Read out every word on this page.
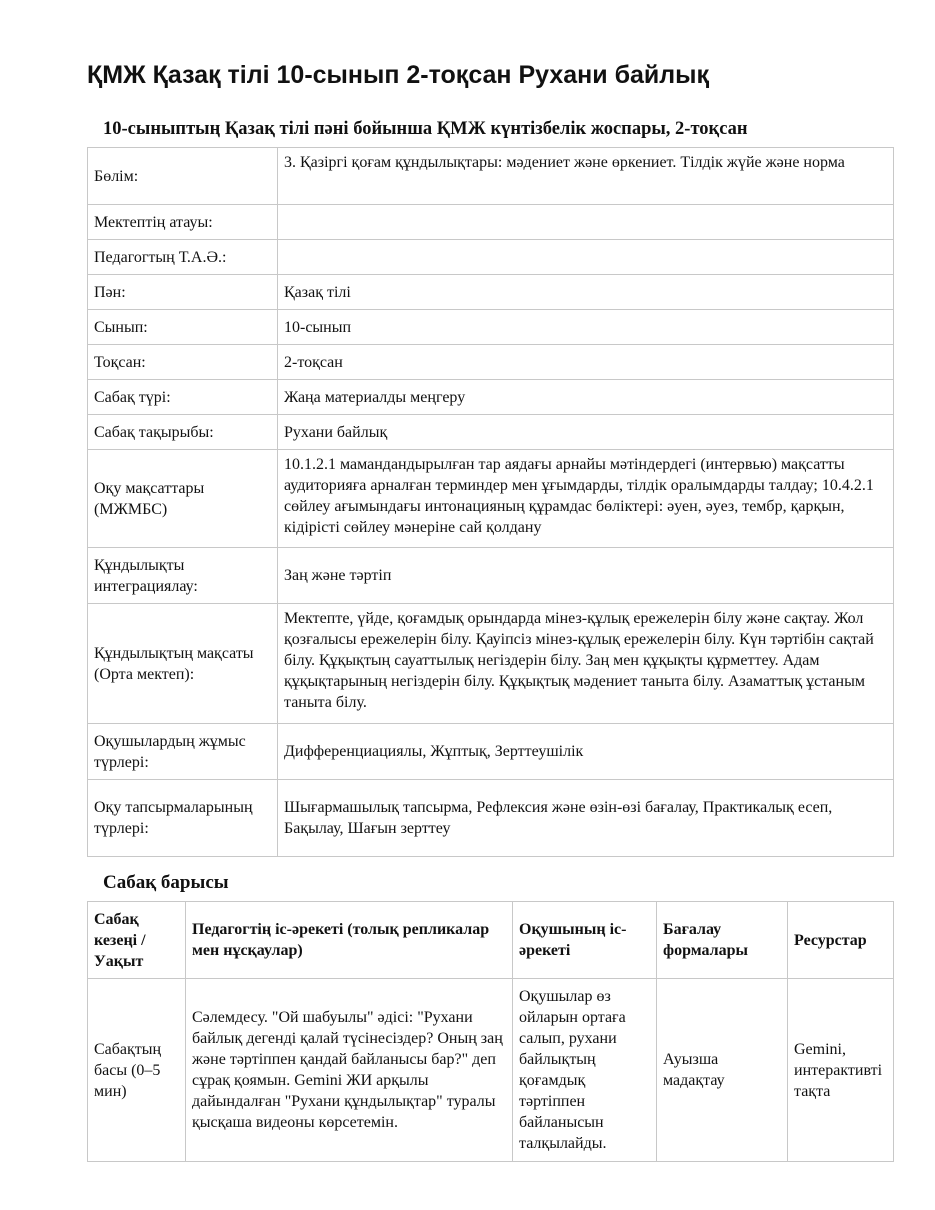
ҚМЖ Қазақ тілі 10-сынып 2-тоқсан Рухани байлық
10-сыныптың Қазақ тілі пәні бойынша ҚМЖ күнтізбелік жоспары, 2-тоқсан
Бөлім:	3. Қазіргі қоғам құндылықтары: мәдениет және өркениет. Тілдік жүйе және норма
Мектептің атауы:	
Педагогтың Т.А.Ә.:	
Пән:	Қазақ тілі
Сынып:	10-сынып
Тоқсан:	2-тоқсан
Сабақ түрі:	Жаңа материалды меңгеру
Сабақ тақырыбы:	Рухани байлық
Оқу мақсаттары (МЖМБС)	10.1.2.1 мамандандырылған тар аядағы арнайы мәтіндердегі (интервью) мақсатты аудиторияға арналған терминдер мен ұғымдарды, тілдік оралымдарды талдау; 10.4.2.1 сөйлеу ағымындағы интонацияның құрамдас бөліктері: әуен, әуез, тембр, қарқын, кідірісті сөйлеу мәнеріне сай қолдану
Құндылықты интеграциялау:	Заң және тәртіп
Құндылықтың мақсаты (Орта мектеп):	Мектепте, үйде, қоғамдық орындарда мінез-құлық ережелерін білу және сақтау. Жол қозғалысы ережелерін білу. Қауіпсіз мінез-құлық ережелерін білу. Күн тәртібін сақтай білу. Құқықтың сауаттылық негіздерін білу. Заң мен құқықты құрметтеу. Адам құқықтарының негіздерін білу. Құқықтық мәдениет таныта білу. Азаматтық ұстаным таныта білу.
Оқушылардың жұмыс түрлері:	Дифференциациялы, Жұптық, Зерттеушілік
Оқу тапсырмаларының түрлері:	Шығармашылық тапсырма, Рефлексия және өзін-өзі бағалау, Практикалық есеп, Бақылау, Шағын зерттеу
Сабақ барысы
Сабақ кезеңі / Уақыт	Педагогтің іс-әрекеті (толық репликалар мен нұсқаулар)	Оқушының іс-әрекеті	Бағалау формалары	Ресурстар
Сабақтың басы (0–5 мин)	Сәлемдесу. "Ой шабуылы" әдісі: "Рухани байлық дегенді қалай түсінесіздер? Оның заң және тәртіппен қандай байланысы бар?" деп сұрақ қоямын. Gemini ЖИ арқылы дайындалған "Рухани құндылықтар" туралы қысқаша видеоны көрсетемін.	Оқушылар өз ойларын ортаға салып, рухани байлықтың қоғамдық тәртіппен байланысын талқылайды.	Ауызша мадақтау	Gemini, интерактивті тақта
